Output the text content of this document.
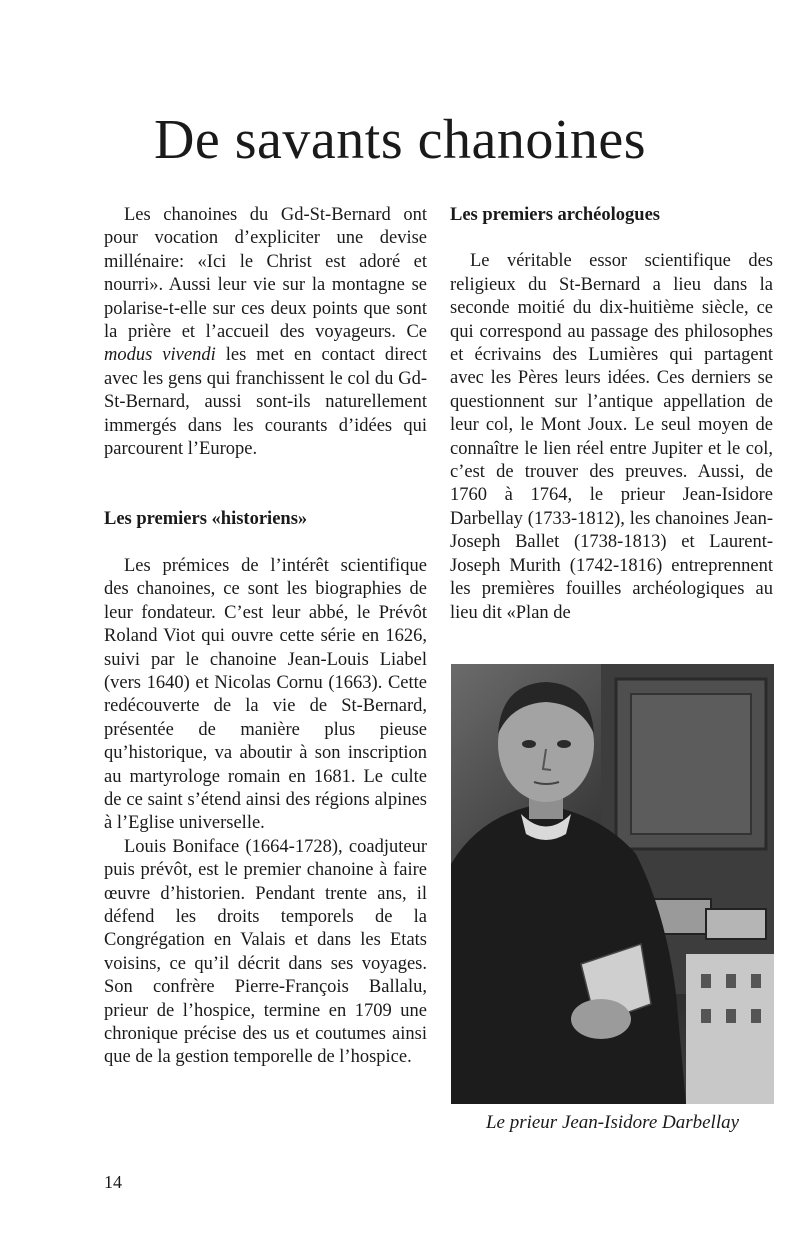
De savants chanoines

Les chanoines du Gd-St-Bernard ont pour vocation d’expliciter une devise millénaire: «Ici le Christ est adoré et nourri». Aussi leur vie sur la montagne se polarise-t-elle sur ces deux points que sont la prière et l’accueil des voyageurs. Ce modus vivendi les met en contact direct avec les gens qui franchissent le col du Gd-St-Bernard, aussi sont-ils naturellement immergés dans les courants d’idées qui parcourent l’Europe.

Les premiers «historiens»

Les prémices de l’intérêt scientifique des chanoines, ce sont les biographies de leur fondateur. C’est leur abbé, le Prévôt Roland Viot qui ouvre cette série en 1626, suivi par le chanoine Jean-Louis Liabel (vers 1640) et Nicolas Cornu (1663). Cette redécouverte de la vie de St-Bernard, présentée de manière plus pieuse qu’historique, va aboutir à son inscription au martyrologe romain en 1681. Le culte de ce saint s’étend ainsi des régions alpines à l’Eglise universelle.

Louis Boniface (1664-1728), coadjuteur puis prévôt, est le premier chanoine à faire œuvre d’historien. Pendant trente ans, il défend les droits temporels de la Congrégation en Valais et dans les Etats voisins, ce qu’il décrit dans ses voyages. Son confrère Pierre-François Ballalu, prieur de l’hospice, termine en 1709 une chronique précise des us et coutumes ainsi que de la gestion temporelle de l’hospice.

Les premiers archéologues

Le véritable essor scientifique des religieux du St-Bernard a lieu dans la seconde moitié du dix-huitième siècle, ce qui correspond au passage des philosophes et écrivains des Lumières qui partagent avec les Pères leurs idées. Ces derniers se questionnent sur l’antique appellation de leur col, le Mont Joux. Le seul moyen de connaître le lien réel entre Jupiter et le col, c’est de trouver des preuves. Aussi, de 1760 à 1764, le prieur Jean-Isidore Darbellay (1733-1812), les chanoines Jean-Joseph Ballet (1738-1813) et Laurent-Joseph Murith (1742-1816) entreprennent les premières fouilles archéologiques au lieu dit «Plan de

Le prieur Jean-Isidore Darbellay
14
